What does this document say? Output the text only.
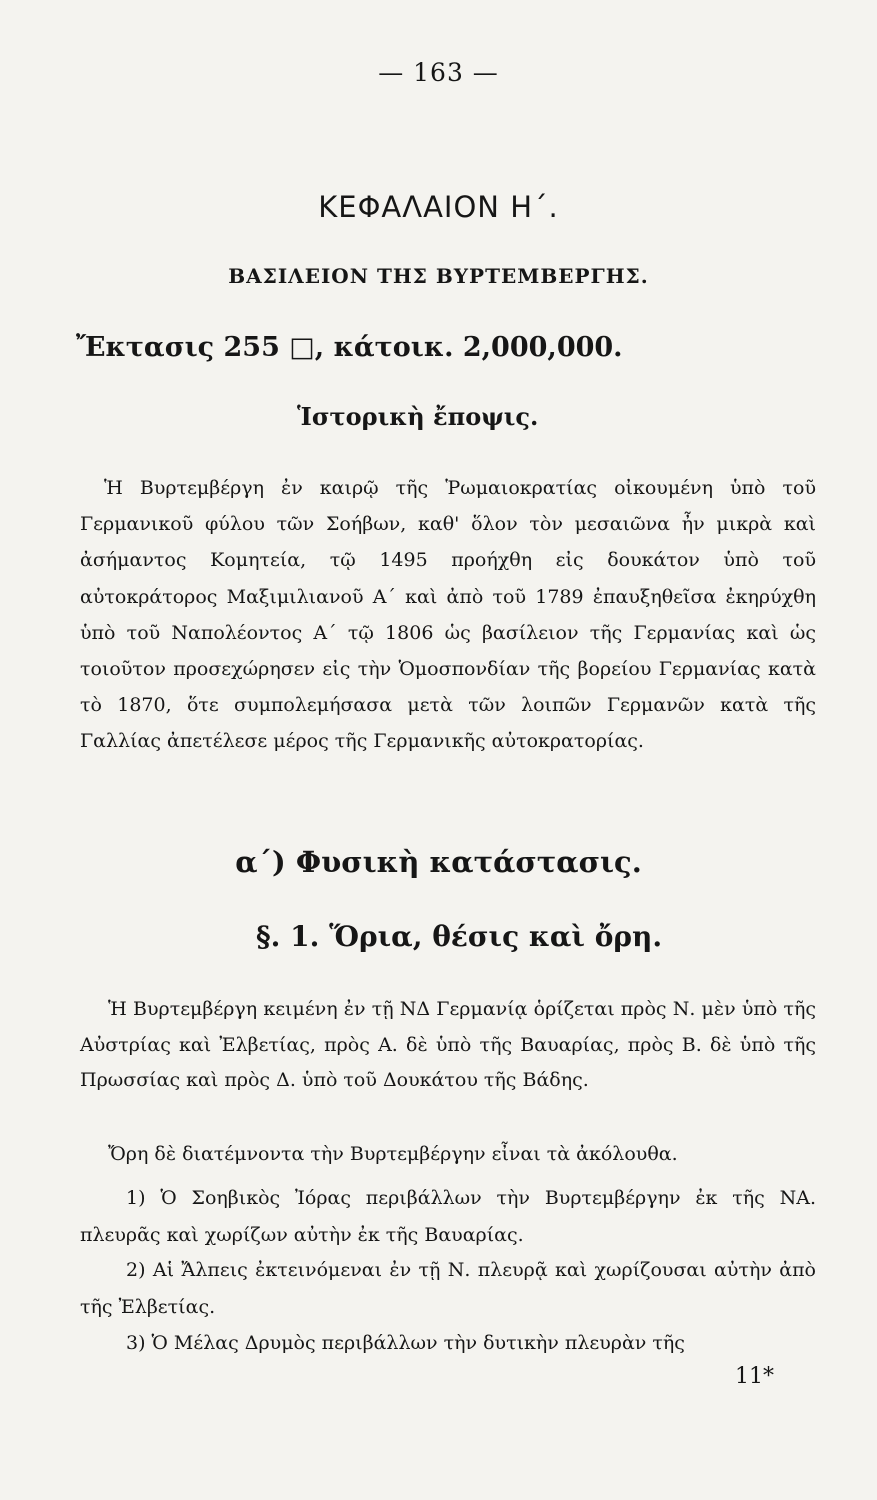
— 163 —
ΚΕΦΑΛΑΙΟΝ Η΄.
ΒΑΣΙΛΕΙΟΝ ΤΗΣ ΒΥΡΤΕΜΒΕΡΓΗΣ.
Ἔκτασις 255 □, κάτοικ. 2,000,000.
Ἱστορικὴ ἔποψις.

Ἡ Βυρτεμβέργη ἐν καιρῷ τῆς Ῥωμαιοκρατίας οἰκουμένη ὑπὸ τοῦ Γερμανικοῦ φύλου τῶν Σοήβων, καθ' ὅλον τὸν μεσαιῶνα ἦν μικρὰ καὶ ἀσήμαντος Κομητεία, τῷ 1495 προήχθη εἰς δουκάτον ὑπὸ τοῦ αὐτοκράτορος Μαξιμιλιανοῦ Α΄ καὶ ἀπὸ τοῦ 1789 ἐπαυξηθεῖσα ἐκηρύχθη ὑπὸ τοῦ Ναπολέοντος Α΄ τῷ 1806 ὡς βασίλειον τῆς Γερμανίας καὶ ὡς τοιοῦτον προσεχώρησεν εἰς τὴν Ὁμοσπονδίαν τῆς βορείου Γερμανίας κατὰ τὸ 1870, ὅτε συμπολεμήσασα μετὰ τῶν λοιπῶν Γερμανῶν κατὰ τῆς Γαλλίας ἀπετέλεσε μέρος τῆς Γερμανικῆς αὐτοκρατορίας.

α΄) Φυσικὴ κατάστασις.
§. 1. Ὅρια, θέσις καὶ ὄρη.

Ἡ Βυρτεμβέργη κειμένη ἐν τῇ ΝΔ Γερμανίᾳ ὁρίζεται πρὸς Ν. μὲν ὑπὸ τῆς Αὐστρίας καὶ Ἐλβετίας, πρὸς Α. δὲ ὑπὸ τῆς Βαυαρίας, πρὸς Β. δὲ ὑπὸ τῆς Πρωσσίας καὶ πρὸς Δ. ὑπὸ τοῦ Δουκάτου τῆς Βάδης.

Ὄρη δὲ διατέμνοντα τὴν Βυρτεμβέργην εἶναι τὰ ἀκόλουθα.

1) Ὁ Σοηβικὸς Ἰόρας περιβάλλων τὴν Βυρτεμβέργην ἐκ τῆς ΝΑ. πλευρᾶς καὶ χωρίζων αὐτὴν ἐκ τῆς Βαυαρίας.

2) Αἱ Ἄλπεις ἐκτεινόμεναι ἐν τῇ Ν. πλευρᾷ καὶ χωρίζουσαι αὐτὴν ἀπὸ τῆς Ἐλβετίας.

3) Ὁ Μέλας Δρυμὸς περιβάλλων τὴν δυτικὴν πλευρὰν τῆς

11*
